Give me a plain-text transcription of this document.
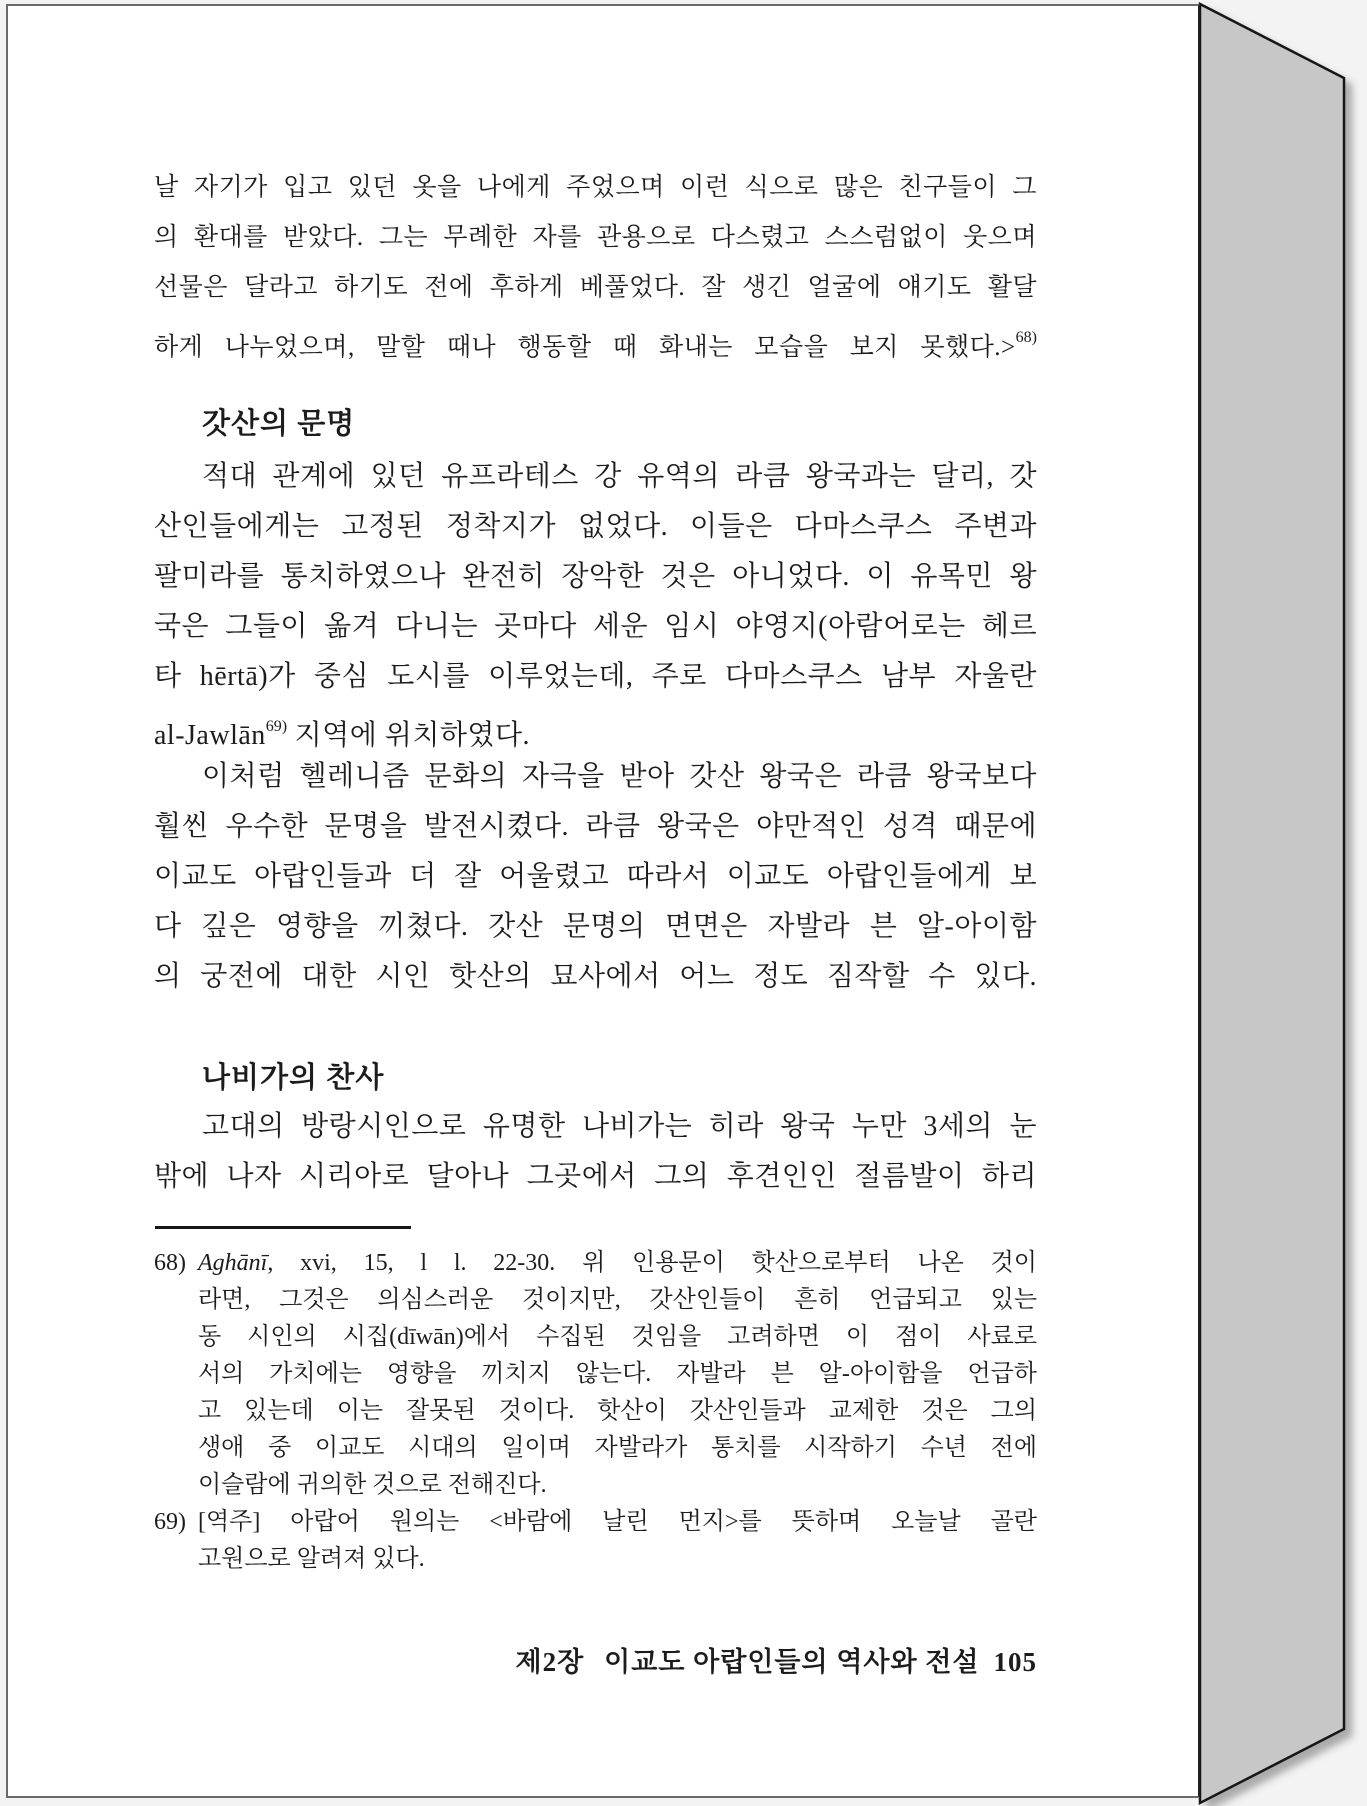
날 자기가 입고 있던 옷을 나에게 주었으며 이런 식으로 많은 친구들이 그
의 환대를 받았다. 그는 무례한 자를 관용으로 다스렸고 스스럼없이 웃으며
선물은 달라고 하기도 전에 후하게 베풀었다. 잘 생긴 얼굴에 얘기도 활달
하게 나누었으며, 말할 때나 행동할 때 화내는 모습을 보지 못했다.>$^{68)}$
갓산의 문명
적대 관계에 있던 유프라테스 강 유역의 라큼 왕국과는 달리, 갓
산인들에게는 고정된 정착지가 없었다. 이들은 다마스쿠스 주변과
팔미라를 통치하였으나 완전히 장악한 것은 아니었다. 이 유목민 왕
국은 그들이 옮겨 다니는 곳마다 세운 임시 야영지(아람어로는 헤르
타 hērtā)가 중심 도시를 이루었는데, 주로 다마스쿠스 남부 자울란
al-Jawlān$^{69)}$ 지역에 위치하였다.
이처럼 헬레니즘 문화의 자극을 받아 갓산 왕국은 라큼 왕국보다
훨씬 우수한 문명을 발전시켰다. 라큼 왕국은 야만적인 성격 때문에
이교도 아랍인들과 더 잘 어울렸고 따라서 이교도 아랍인들에게 보
다 깊은 영향을 끼쳤다. 갓산 문명의 면면은 자발라 븐 알-아이함
의 궁전에 대한 시인 핫산의 묘사에서 어느 정도 짐작할 수 있다.
나비가의 찬사
고대의 방랑시인으로 유명한 나비가는 히라 왕국 누만 3세의 눈
밖에 나자 시리아로 달아나 그곳에서 그의 후견인인 절름발이 하리
68) Aghānī, xvi, 15, l l. 22-30. 위 인용문이 핫산으로부터 나온 것이
라면, 그것은 의심스러운 것이지만, 갓산인들이 흔히 언급되고 있는
동 시인의 시집(dīwān)에서 수집된 것임을 고려하면 이 점이 사료로
서의 가치에는 영향을 끼치지 않는다. 자발라 븐 알-아이함을 언급하
고 있는데 이는 잘못된 것이다. 핫산이 갓산인들과 교제한 것은 그의
생애 중 이교도 시대의 일이며 자발라가 통치를 시작하기 수년 전에
이슬람에 귀의한 것으로 전해진다.
69) [역주] 아랍어 원의는 <바람에 날린 먼지>를 뜻하며 오늘날 골란
고원으로 알려져 있다.
제2장 이교도 아랍인들의 역사와 전설 105
